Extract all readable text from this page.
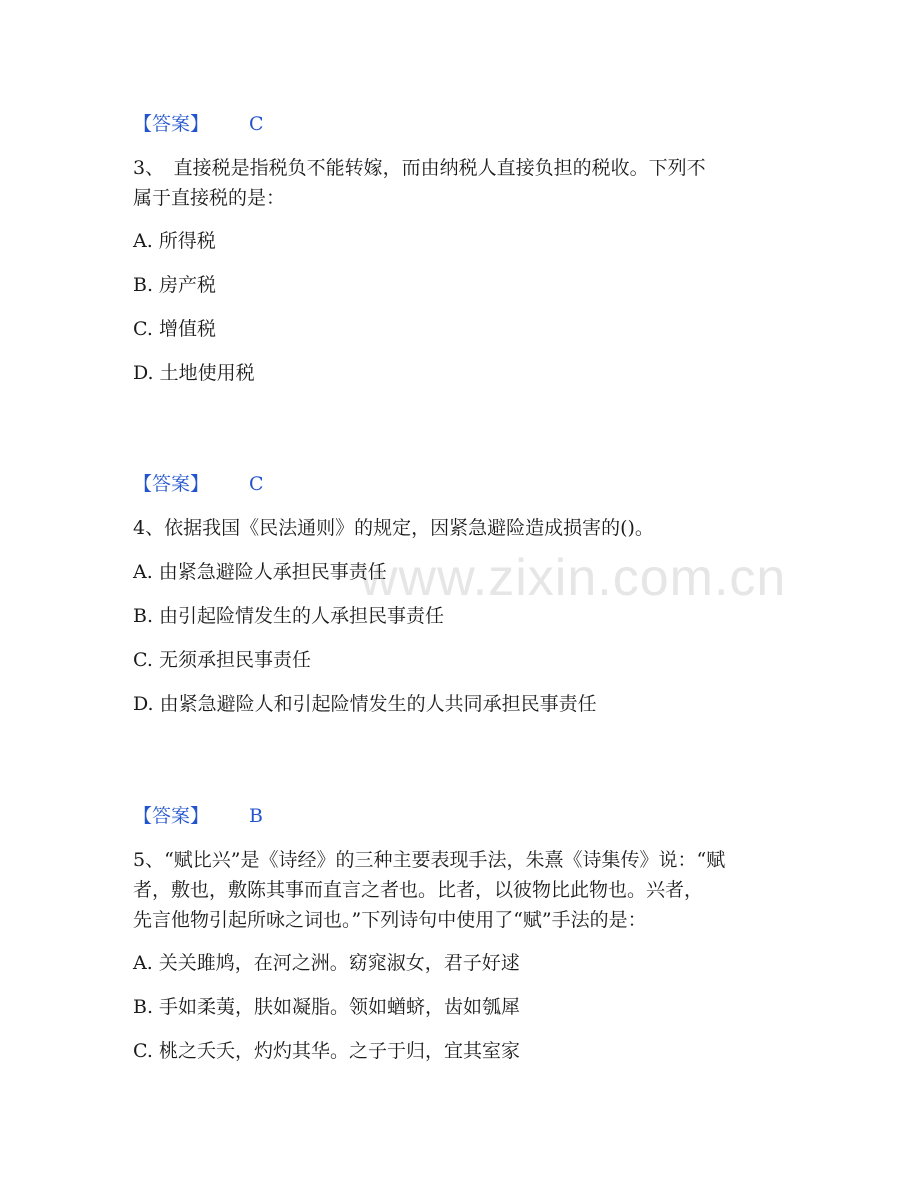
www.zixin.com.cn
【答案】 C
3、　直接税是指税负不能转嫁，而由纳税人直接负担的税收。下列不
属于直接税的是：
A. 所得税
B. 房产税
C. 增值税
D. 土地使用税
【答案】 C
4、依据我国《民法通则》的规定，因紧急避险造成损害的()。
A. 由紧急避险人承担民事责任
B. 由引起险情发生的人承担民事责任
C. 无须承担民事责任
D. 由紧急避险人和引起险情发生的人共同承担民事责任
【答案】 B
5、“赋比兴”是《诗经》的三种主要表现手法，朱熹《诗集传》说：“赋
者，敷也，敷陈其事而直言之者也。比者，以彼物比此物也。兴者，
先言他物引起所咏之词也。”下列诗句中使用了“赋”手法的是：
A. 关关雎鸠，在河之洲。窈窕淑女，君子好逑
B. 手如柔荑，肤如凝脂。领如蝤蛴，齿如瓠犀
C. 桃之夭夭，灼灼其华。之子于归，宜其室家
